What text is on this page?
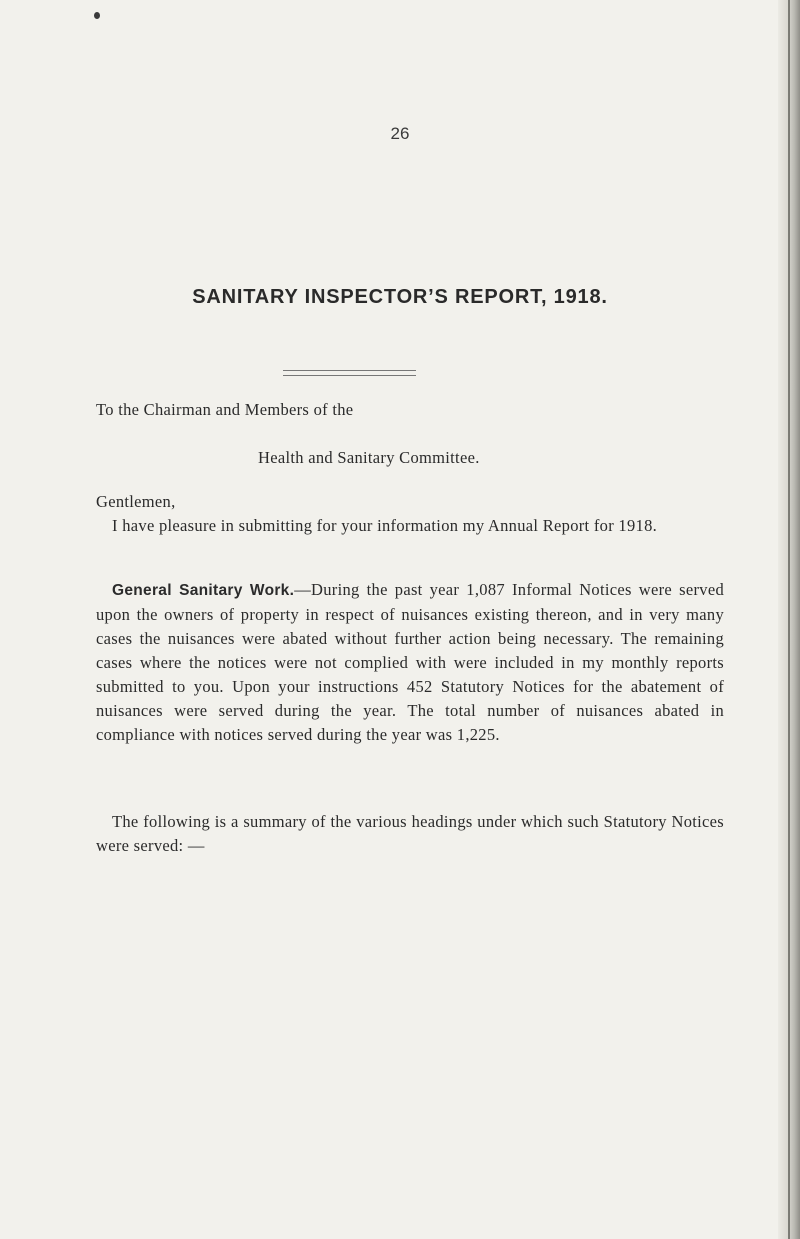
26
SANITARY INSPECTOR’S REPORT, 1918.
To the Chairman and Members of the
Health and Sanitary Committee.
Gentlemen,
I have pleasure in submitting for your information my Annual Report for 1918.
General Sanitary Work.—During the past year 1,087 Informal Notices were served upon the owners of property in respect of nuisances existing thereon, and in very many cases the nuisances were abated without further action being necessary. The remaining cases where the notices were not complied with were included in my monthly reports submitted to you. Upon your instructions 452 Statutory Notices for the abatement of nuisances were served during the year. The total number of nuisances abated in compliance with notices served during the year was 1,225.
The following is a summary of the various headings under which such Statutory Notices were served: —
